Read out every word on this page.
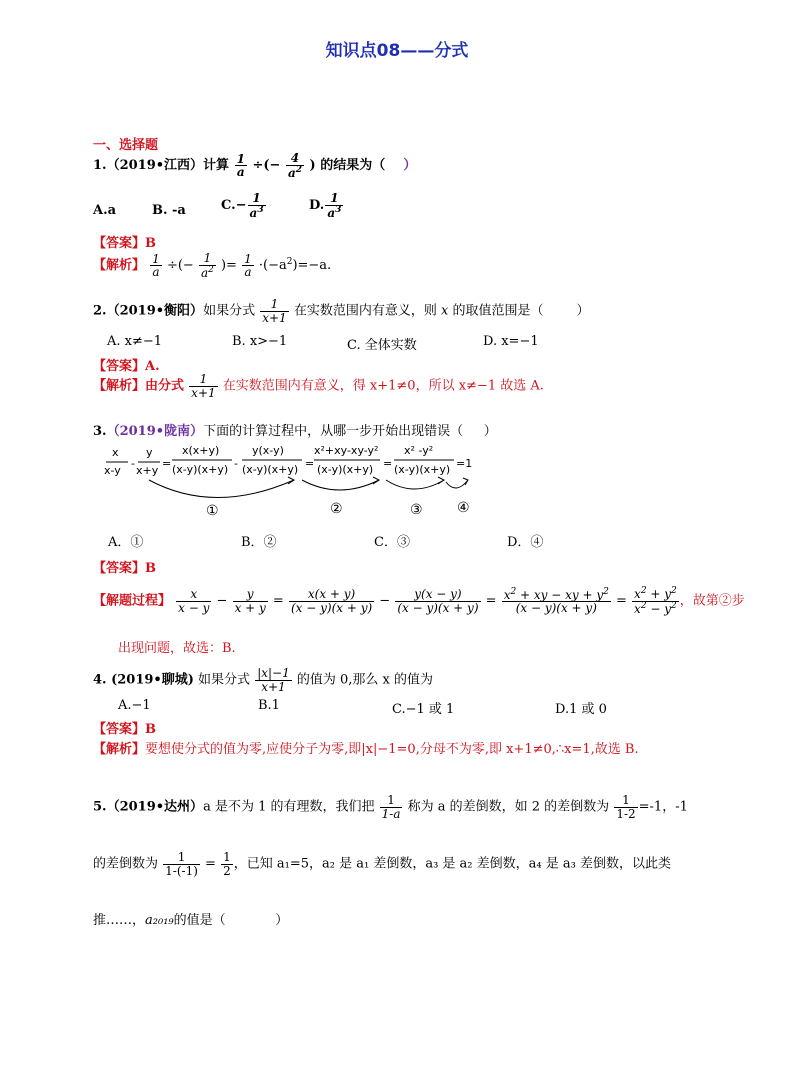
知识点08——分式
一、选择题
1.（2019•江西）计算 $\frac{1}{a}$ ÷(− $\frac{4}{a^2}$ ) 的结果为（ ）
A.a	B. -a	$C.- \frac{1}{a^3}$	D. $\frac{1}{a^3}$
【答案】B
【解析】 $\frac{1}{a}$ ÷(− $\frac{1}{a^2}$ )= $\frac{1}{a} \cdot(-a^2)=-a$.
2.（2019•衡阳）如果分式 $\frac{1}{x+1}$ 在实数范围内有意义，则 x 的取值范围是（	）
A. x≠−1	B. x>−1	C. 全体实数	D. x=−1
【答案】A.
【解析】由分式 $\frac{1}{x+1}$ 在实数范围内有意义，得 x+1≠0，所以 x≠−1 故选 A.
3.（2019•陇南）下面的计算过程中，从哪一步开始出现错误（ ）
x
x-y
-
y
x+y
=
x(x+y)
(x-y)(x+y) -
y(x-y)
(x-y)(x+y) =
x²+xy-xy-y²
(x-y)(x+y) =
x² -y²
(x-y)(x+y) =1
①	②	③ ④
A．①	B．②	C．③	D．④
【答案】B
【解题过程】 $\frac{x}{x - y} - \frac{y}{x + y} = \frac{x(x + y)}{(x - y)(x + y)} - \frac{y(x - y)}{(x - y)(x + y)} = \frac{x^2 + xy - xy + y^2}{(x - y)(x + y)} = \frac{x^2 + y^2}{x^2 - y^2}$ ，故第②步
出现问题，故选：B.
4. (2019•聊城) 如果分式 $\frac{|x|-1}{x+1}$ 的值为 0,那么 x 的值为
A.−1	B.1	C.−1 或 1	D.1 或 0
【答案】B
【解析】要想使分式的值为零,应使分子为零,即|x|−1=0,分母不为零,即 x+1≠0,∴x=1,故选 B.
5.（2019•达州）a 是不为 1 的有理数，我们把 $\frac{1}{1-a}$ 称为 a 的差倒数，如 2 的差倒数为 $\frac{1}{1-2} =-1$，-1
的差倒数为 $\frac{1}{1-(-1)} = \frac{1}{2}$ ，已知 a₁=5，a₂ 是 a₁ 差倒数，a₃ 是 a₂ 差倒数，a₄ 是 a₃ 差倒数，以此类
推……，a₂₀₁₉的值是（	）
